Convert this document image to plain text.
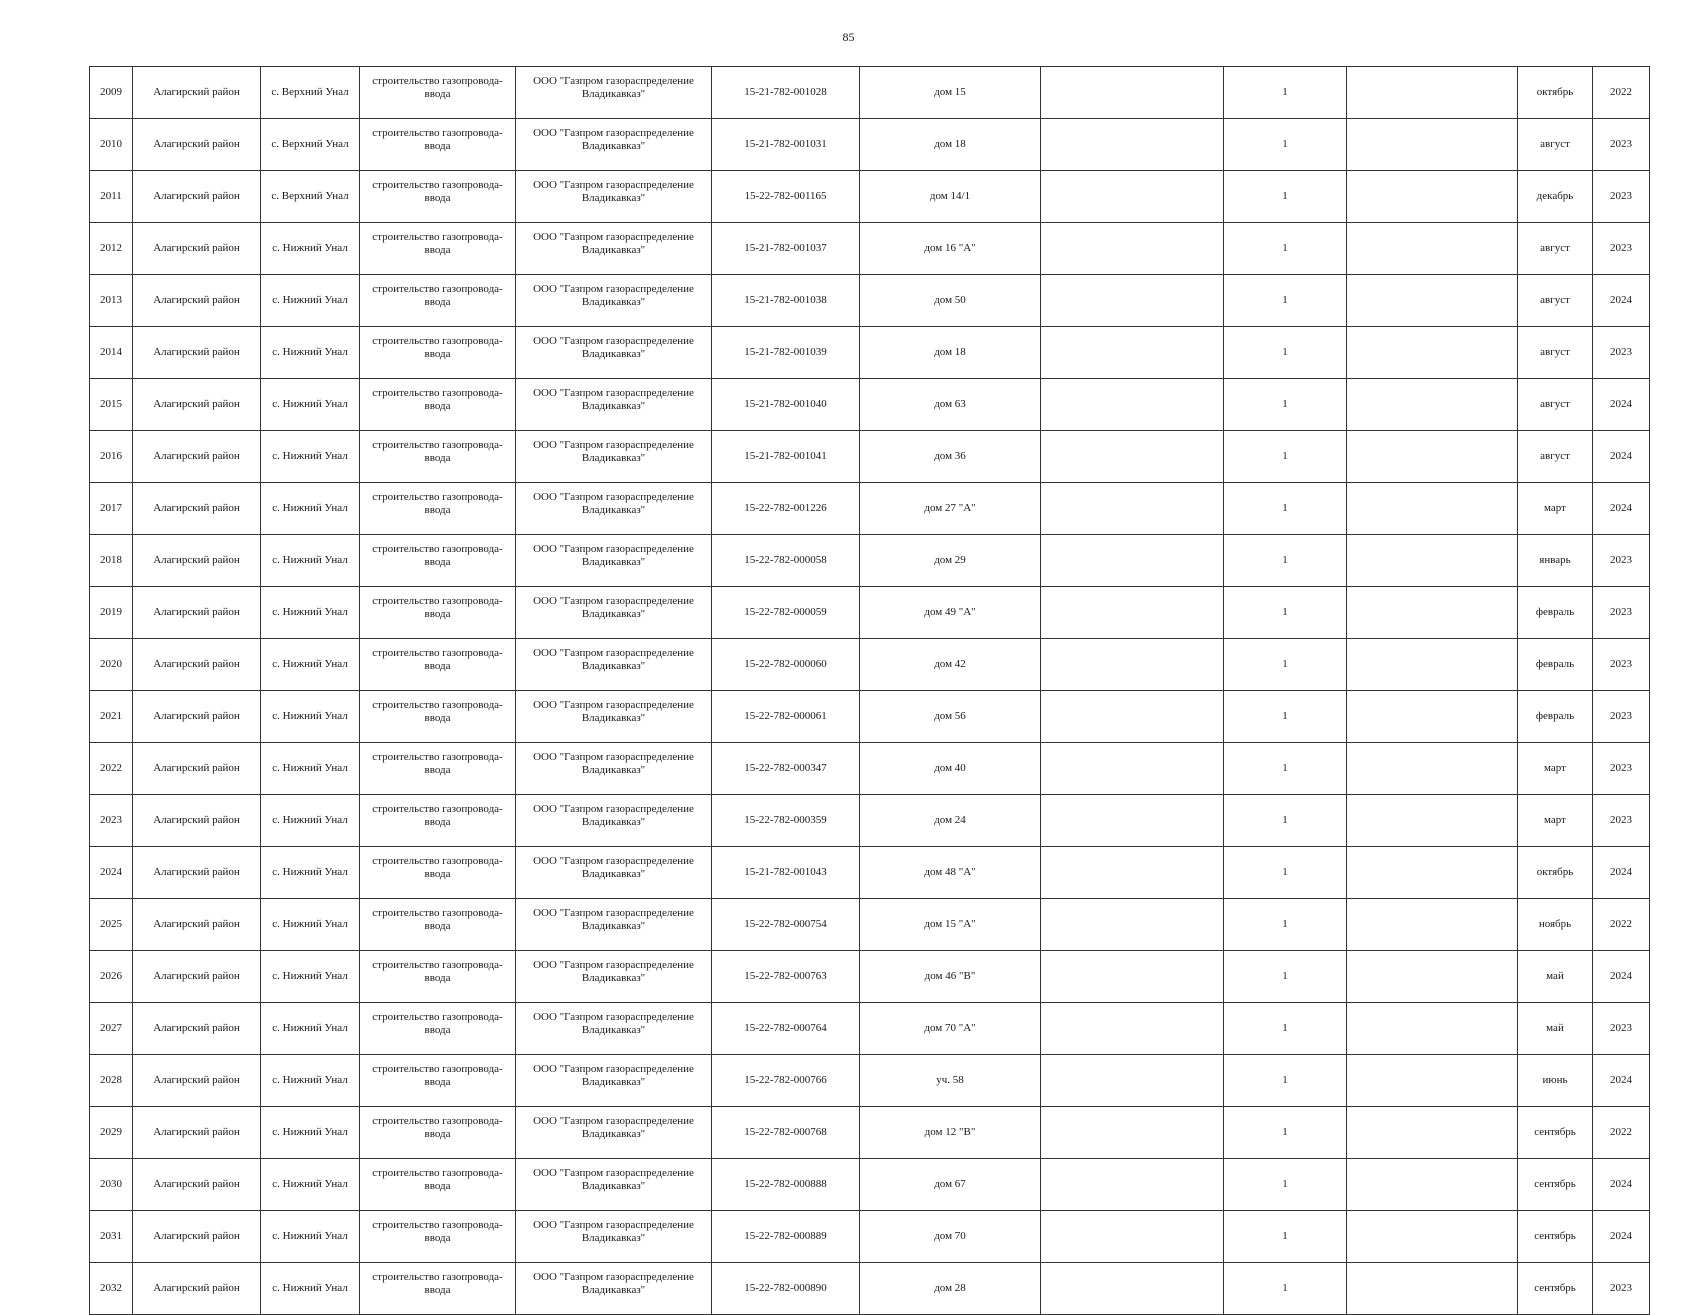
85
2009	Алагирский район	с. Верхний Унал	строительство газопровода-ввода	ООО "Газпром газораспределение Владикавказ"	15-21-782-001028	дом 15		1		октябрь	2022
2010	Алагирский район	с. Верхний Унал	строительство газопровода-ввода	ООО "Газпром газораспределение Владикавказ"	15-21-782-001031	дом 18		1		август	2023
2011	Алагирский район	с. Верхний Унал	строительство газопровода-ввода	ООО "Газпром газораспределение Владикавказ"	15-22-782-001165	дом 14/1		1		декабрь	2023
2012	Алагирский район	с. Нижний Унал	строительство газопровода-ввода	ООО "Газпром газораспределение Владикавказ"	15-21-782-001037	дом 16 "А"		1		август	2023
2013	Алагирский район	с. Нижний Унал	строительство газопровода-ввода	ООО "Газпром газораспределение Владикавказ"	15-21-782-001038	дом 50		1		август	2024
2014	Алагирский район	с. Нижний Унал	строительство газопровода-ввода	ООО "Газпром газораспределение Владикавказ"	15-21-782-001039	дом 18		1		август	2023
2015	Алагирский район	с. Нижний Унал	строительство газопровода-ввода	ООО "Газпром газораспределение Владикавказ"	15-21-782-001040	дом 63		1		август	2024
2016	Алагирский район	с. Нижний Унал	строительство газопровода-ввода	ООО "Газпром газораспределение Владикавказ"	15-21-782-001041	дом 36		1		август	2024
2017	Алагирский район	с. Нижний Унал	строительство газопровода-ввода	ООО "Газпром газораспределение Владикавказ"	15-22-782-001226	дом 27 "А"		1		март	2024
2018	Алагирский район	с. Нижний Унал	строительство газопровода-ввода	ООО "Газпром газораспределение Владикавказ"	15-22-782-000058	дом 29		1		январь	2023
2019	Алагирский район	с. Нижний Унал	строительство газопровода-ввода	ООО "Газпром газораспределение Владикавказ"	15-22-782-000059	дом 49 "А"		1		февраль	2023
2020	Алагирский район	с. Нижний Унал	строительство газопровода-ввода	ООО "Газпром газораспределение Владикавказ"	15-22-782-000060	дом 42		1		февраль	2023
2021	Алагирский район	с. Нижний Унал	строительство газопровода-ввода	ООО "Газпром газораспределение Владикавказ"	15-22-782-000061	дом 56		1		февраль	2023
2022	Алагирский район	с. Нижний Унал	строительство газопровода-ввода	ООО "Газпром газораспределение Владикавказ"	15-22-782-000347	дом 40		1		март	2023
2023	Алагирский район	с. Нижний Унал	строительство газопровода-ввода	ООО "Газпром газораспределение Владикавказ"	15-22-782-000359	дом 24		1		март	2023
2024	Алагирский район	с. Нижний Унал	строительство газопровода-ввода	ООО "Газпром газораспределение Владикавказ"	15-21-782-001043	дом 48 "А"		1		октябрь	2024
2025	Алагирский район	с. Нижний Унал	строительство газопровода-ввода	ООО "Газпром газораспределение Владикавказ"	15-22-782-000754	дом 15 "А"		1		ноябрь	2022
2026	Алагирский район	с. Нижний Унал	строительство газопровода-ввода	ООО "Газпром газораспределение Владикавказ"	15-22-782-000763	дом 46 "В"		1		май	2024
2027	Алагирский район	с. Нижний Унал	строительство газопровода-ввода	ООО "Газпром газораспределение Владикавказ"	15-22-782-000764	дом 70 "А"		1		май	2023
2028	Алагирский район	с. Нижний Унал	строительство газопровода-ввода	ООО "Газпром газораспределение Владикавказ"	15-22-782-000766	уч. 58		1		июнь	2024
2029	Алагирский район	с. Нижний Унал	строительство газопровода-ввода	ООО "Газпром газораспределение Владикавказ"	15-22-782-000768	дом 12 "В"		1		сентябрь	2022
2030	Алагирский район	с. Нижний Унал	строительство газопровода-ввода	ООО "Газпром газораспределение Владикавказ"	15-22-782-000888	дом 67		1		сентябрь	2024
2031	Алагирский район	с. Нижний Унал	строительство газопровода-ввода	ООО "Газпром газораспределение Владикавказ"	15-22-782-000889	дом 70		1		сентябрь	2024
2032	Алагирский район	с. Нижний Унал	строительство газопровода-ввода	ООО "Газпром газораспределение Владикавказ"	15-22-782-000890	дом 28		1		сентябрь	2023
